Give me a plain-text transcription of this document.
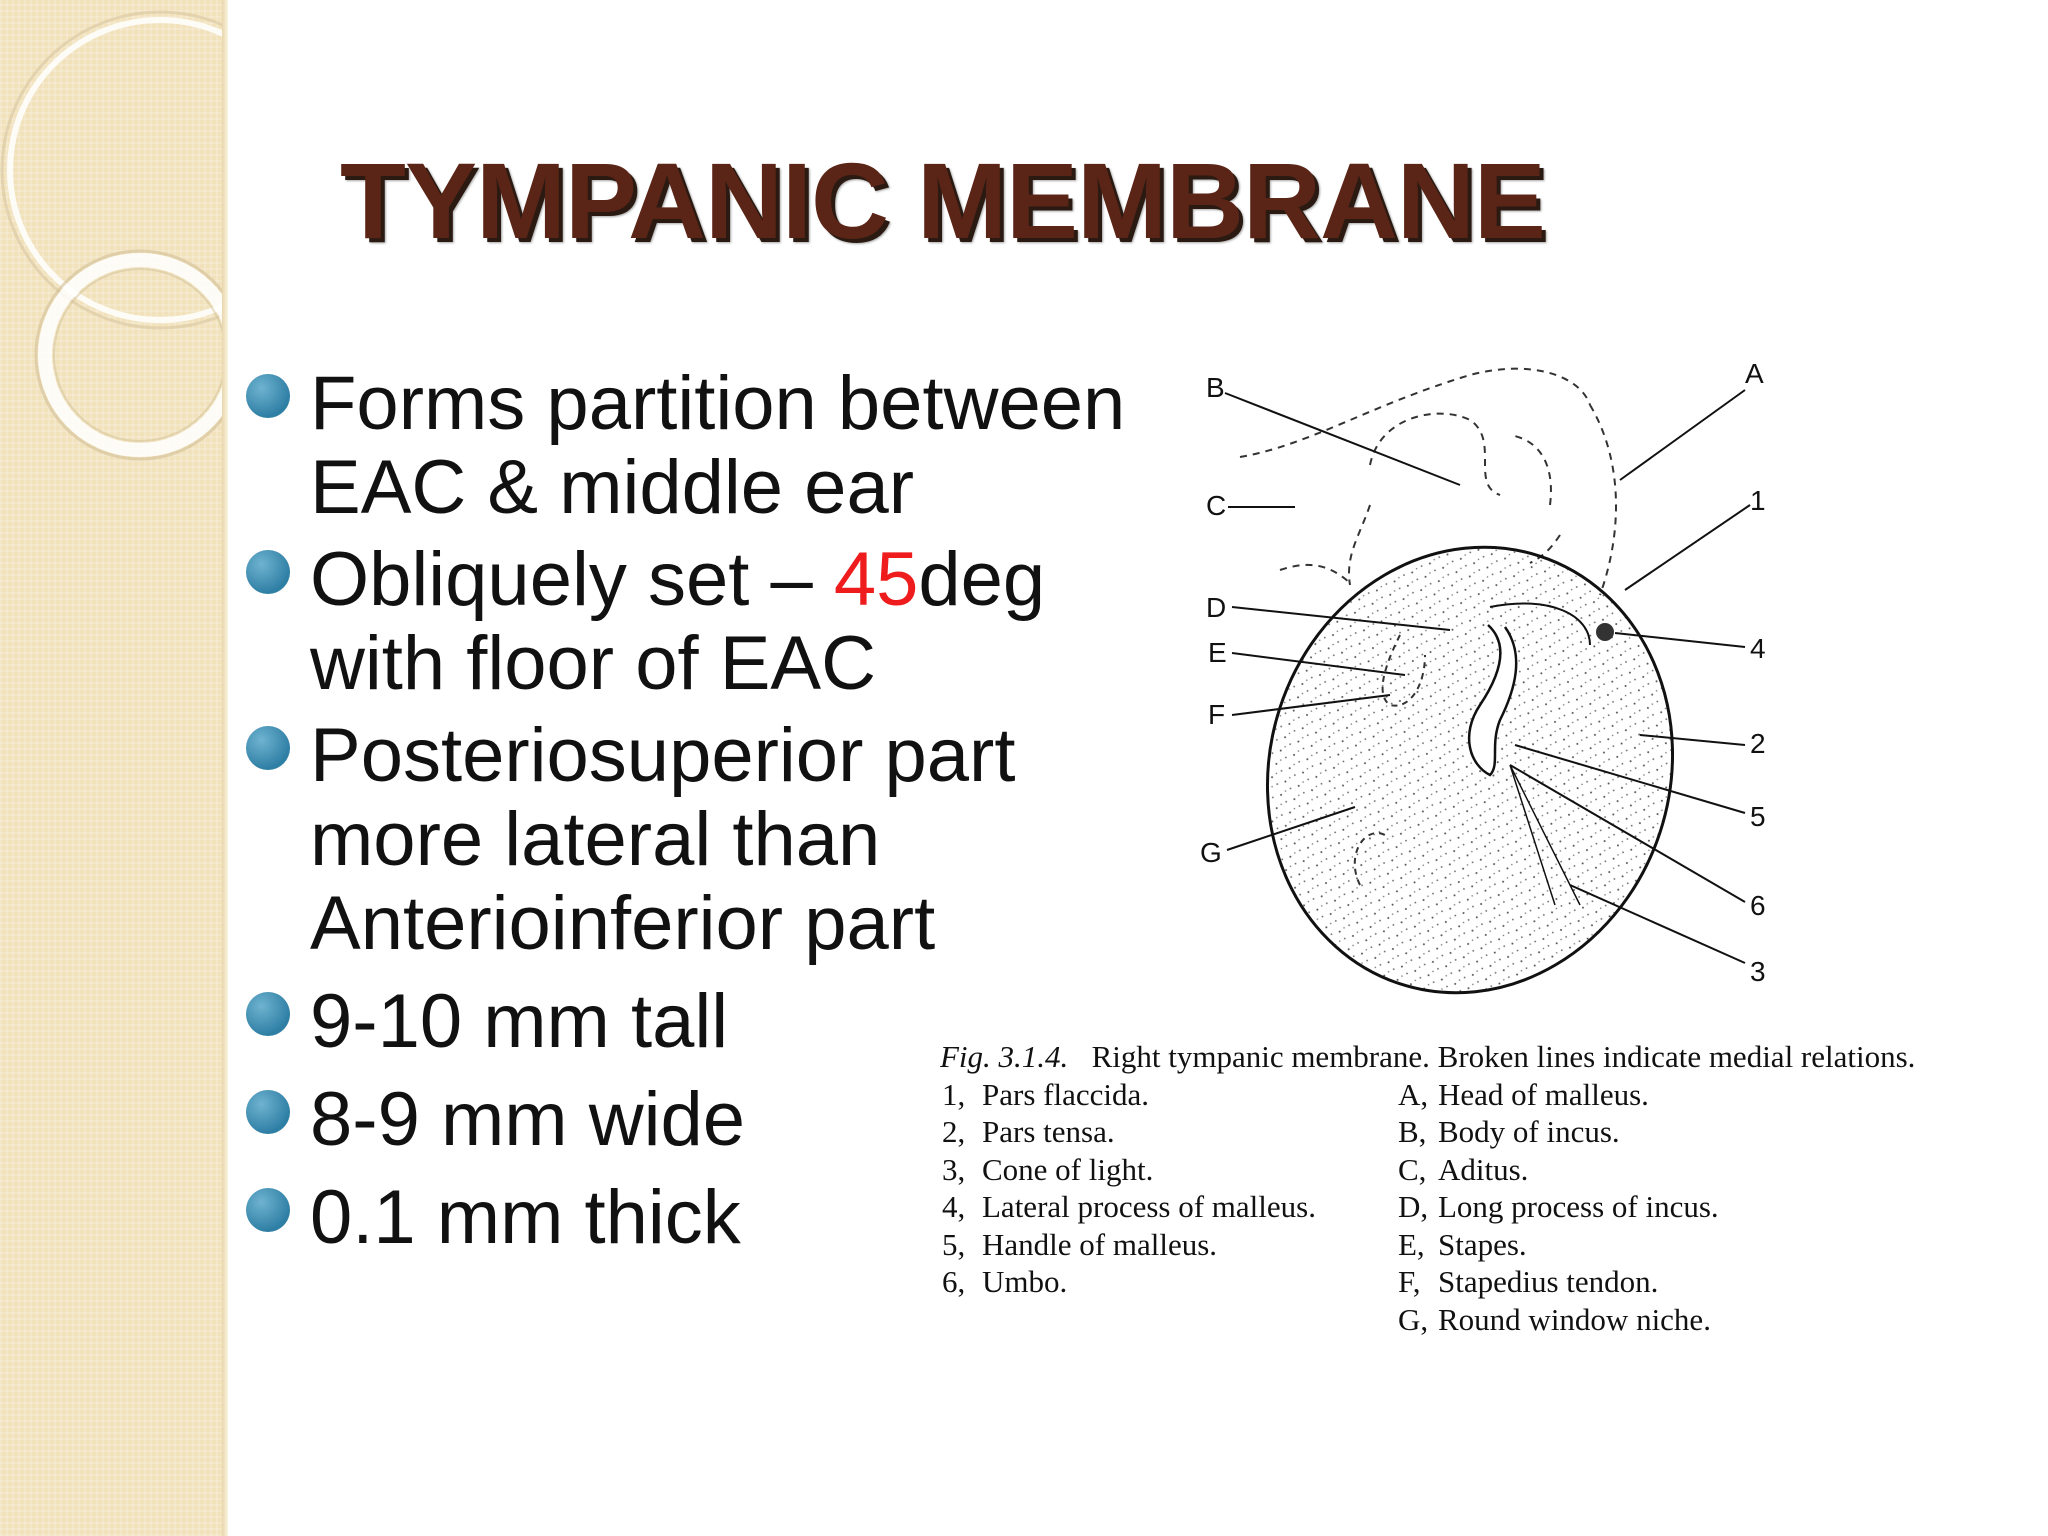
TYMPANIC MEMBRANE
Forms partition between
EAC & middle ear
Obliquely set – 45deg
with floor of EAC
Posteriosuperior part
more lateral than
Anterioinferior part
9-10 mm tall
8-9 mm wide
0.1 mm thick
B
C
D
E
F
G
A
1
4
2
5
6
3
Fig. 3.1.4. Right tympanic membrane. Broken lines indicate medial relations.
1, Pars flaccida.
2, Pars tensa.
3, Cone of light.
4, Lateral process of malleus.
5, Handle of malleus.
6, Umbo.
A, Head of malleus.
B, Body of incus.
C, Aditus.
D, Long process of incus.
E, Stapes.
F, Stapedius tendon.
G, Round window niche.
